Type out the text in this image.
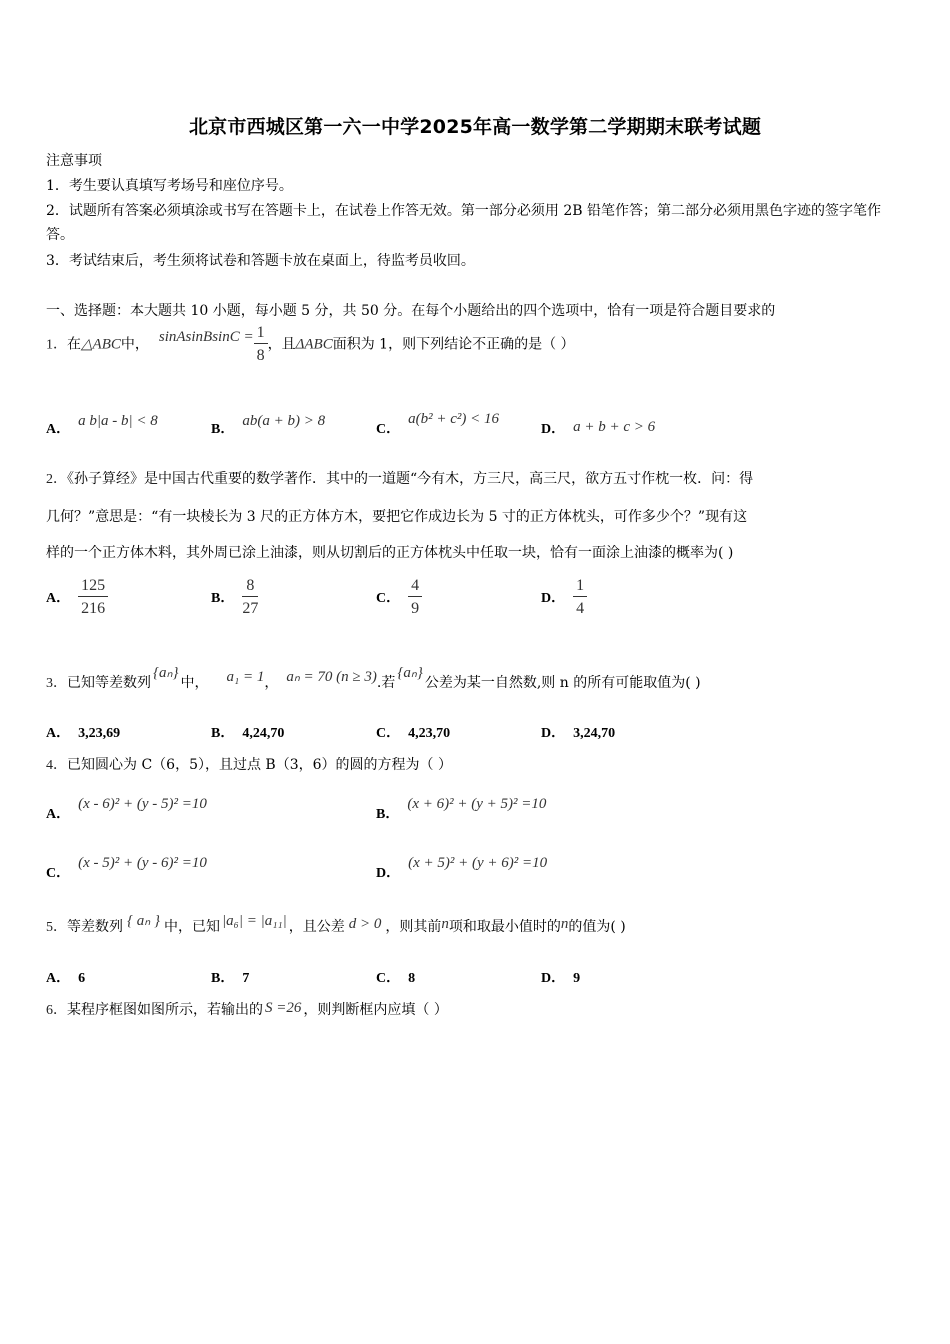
北京市西城区第一六一中学2025年高一数学第二学期期末联考试题
注意事项
1．考生要认真填写考场号和座位序号。
2．试题所有答案必须填涂或书写在答题卡上，在试卷上作答无效。第一部分必须用 2B 铅笔作答；第二部分必须用黑色字迹的签字笔作答。
3．考试结束后，考生须将试卷和答题卡放在桌面上，待监考员收回。
一、选择题：本大题共 10 小题，每小题 5 分，共 50 分。在每个小题给出的四个选项中，恰有一项是符合题目要求的
1．在△ABC中， sinAsinBsinC = $\frac{1}{8}$ ，且ΔABC面积为 1，则下列结论不正确的是（ ）
A．a b|a - b| < 8
B．ab(a + b) > 8
C．a(b² + c²) < 16
D． a + b + c > 6
2．《孙子算经》是中国古代重要的数学著作．其中的一道题“今有木，方三尺，高三尺，欲方五寸作枕一枚．问：得
几何？”意思是：“有一块棱长为 3 尺的正方体方木，要把它作成边长为 5 寸的正方体枕头，可作多少个？”现有这
样的一个正方体木料，其外周已涂上油漆，则从切割后的正方体枕头中任取一块，恰有一面涂上油漆的概率为( )
A． $\frac{125}{216}$	B． $\frac{8}{27}$	C． $\frac{4}{9}$	D． $\frac{1}{4}$
3．已知等差数列{aₙ}中， a₁ = 1， aₙ = 70 (n ≥ 3).若{aₙ}公差为某一自然数,则 n 的所有可能取值为( )
A． 3,23,69	B． 4,24,70	C． 4,23,70	D． 3,24,70
4．已知圆心为 C（6，5），且过点 B（3，6）的圆的方程为（ ）
A．(x - 6)² + (y - 5)² =10
B．(x + 6)² + (y + 5)² =10
C．(x - 5)² + (y - 6)² =10
D．(x + 5)² + (y + 6)² =10
5．等差数列 { aₙ } 中，已知 |a₆| = |a₁₁| ，且公差 d > 0 ，则其前n项和取最小值时的n的值为( )
A． 6	B． 7	C． 8	D． 9
6．某程序框图如图所示，若输出的 S =26 ，则判断框内应填（ ）
